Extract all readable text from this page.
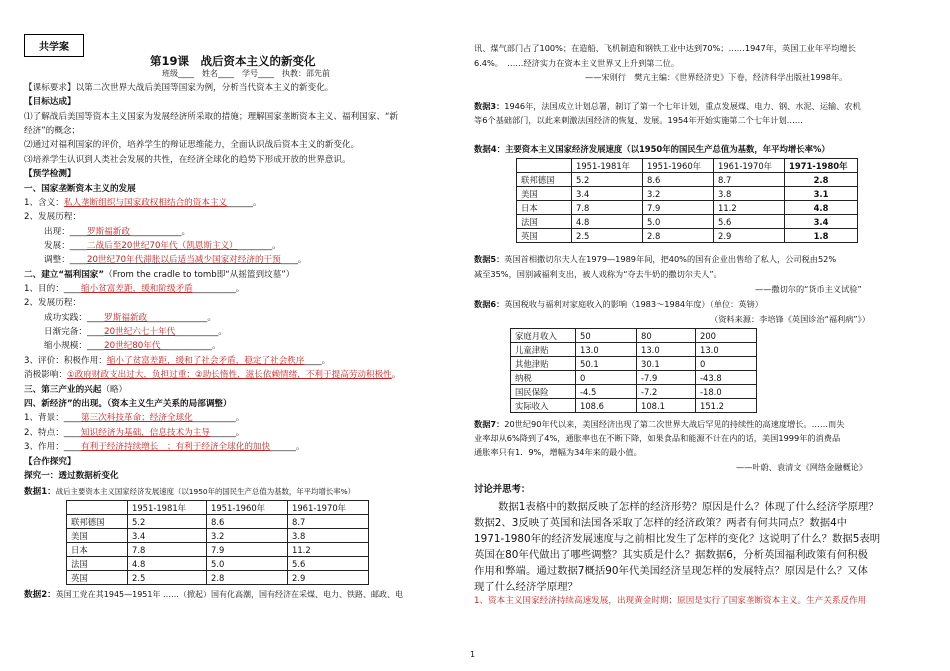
共学案
第19课　战后资本主义的新变化
班级____　姓名____　学号____　执教：邵先前
【课标要求】以第二次世界大战后美国等国家为例，分析当代资本主义的新变化。
【目标达成】
⑴了解战后美国等资本主义国家为发展经济所采取的措施；理解国家垄断资本主义、福利国家、“新
经济”的概念；
⑵通过对福利国家的评价，培养学生的辩证思维能力，全面认识战后资本主义的新变化。
⑶培养学生认识到人类社会发展的共性，在经济全球化的趋势下形成开放的世界意识。
【预学检测】
一、国家垄断资本主义的发展
1、含义：私人垄断组织与国家政权相结合的资本主义______。
2、发展历程：
出现：____罗斯福新政____________。
发展：____二战后至20世纪70年代（凯恩斯主义）________。
调整：____20世纪70年代滞胀以后适当减少国家对经济的干预____。
二、建立“福利国家”（From the cradle to tomb即“从摇篮到坟墓”）
1、目的：____缩小贫富差距，缓和阶级矛盾__________。
2、发展历程：
成功实践：____罗斯福新政______________。
日渐完备：____20世纪六七十年代__________。
缩小规模：____20世纪80年代____________。
3、评价：积极作用：缩小了贫富差距，缓和了社会矛盾，稳定了社会秩序____。
消极影响：①政府财政支出过大，负担过重；②助长惰性，滋长依赖情绪，不利于提高劳动积极性。
三、第三产业的兴起（略）
四、新经济”的出现。（资本主义生产关系的局部调整）
1、背景：____第三次科技革命；经济全球化__________。
2、特点：____知识经济为基础，信息技术为主导______。
3、作用：____有利于经济持续增长　；有利于经济全球化的加快______。
【合作探究】
探究一：透过数据析变化
数据1：战后主要资本主义国家经济发展速度（以1950年的国民生产总值为基数，年平均增长率%）
	1951-1981年	1951-1960年	1961-1970年
联邦德国	5.2	8.6	8.7
美国	3.4	3.2	3.8
日本	7.8	7.9	11.2
法国	4.8	5.0	5.6
英国	2.5	2.8	2.9
数据2：英国工党在其1945—1951年 ……（掀起）国有化高潮，国有经济在采煤、电力、铁路、邮政、电
讯、煤气部门占了100%；在造船、飞机制造和钢铁工业中达到70%；……1947年，英国工业年平均增长
6.4%。　……经济实力在资本主义世界又上升到第二位。
——宋则行　樊亢主编：《世界经济史》下卷，经济科学出版社1998年。
数据3：1946年，法国成立计划总署，制订了第一个七年计划，重点发展煤、电力、钢、水泥、运输、农机
等6个基础部门，以此来刺激法国经济的恢复、发展。1954年开始实施第二个七年计划……
数据4：主要资本主义国家经济发展速度（以1950年的国民生产总值为基数，年平均增长率%）
	1951-1981年	1951-1960年	1961-1970年	1971-1980年
联邦德国	5.2	8.6	8.7	2.8
美国	3.4	3.2	3.8	3.1
日本	7.8	7.9	11.2	4.8
法国	4.8	5.0	5.6	3.4
英国	2.5	2.8	2.9	1.8
数据5：英国首相撒切尔夫人在1979—1989年间，把40%的国有企业出售给了私人，公司税由52%
减至35%，国别减福利支出，被人戏称为“夺去牛奶的撒切尔夫人”。
——撒切尔的“货币主义试验”
数据6：英国税收与福利对家庭收入的影响（1983～1984年度）（单位：英镑）
（资料来源：李培锋《英国诊治“福利病”》）
家庭月收入	50	80	200
儿童津贴	13.0	13.0	13.0
其他津贴	50.1	30.1	0
纳税	0	-7.9	-43.8
国民保险	-4.5	-7.2	-18.0
实际收入	108.6	108.1	151.2
数据7：20世纪90年代以来，美国经济出现了第二次世界大战后罕见的持续性的高速度增长。……而失
业率却从6%降到了4%，通胀率也在不断下降，如果食品和能源不计在内的话，美国1999年的消费品
通胀率只有1．9%，增幅为34年来的最小值。
——叶蔚、袁清文《网络金融概论》
讨论并思考：
数据1表格中的数据反映了怎样的经济形势？原因是什么？体现了什么经济学原理？
数据2、3反映了英国和法国各采取了怎样的经济政策？两者有何共同点？数据4中
1971-1980年的经济发展速度与之前相比发生了怎样的变化？这说明了什么？数据5表明
英国在80年代做出了哪些调整？其实质是什么？据数据6，分析英国福利政策有何积极
作用和弊端。通过数据7概括90年代美国经济呈现怎样的发展特点？原因是什么？又体
现了什么经济学原理？
1、资本主义国家经济持续高速发展，出现黄金时期；原因是实行了国家垄断资本主义。生产关系反作用
1
